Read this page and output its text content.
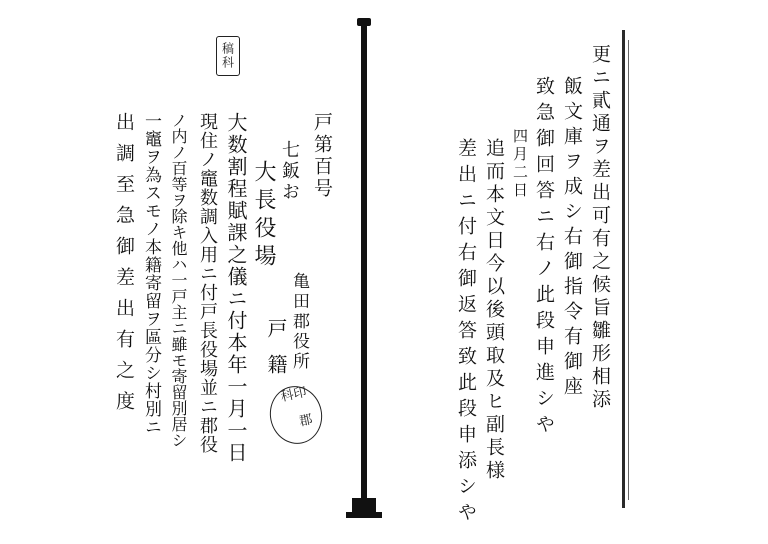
稿科
戸第百号
七鈑お
大長役場
亀田郡役所
戸籍
印 郡 科
大数割程賦課之儀ニ付本年一月一日
現住ノ竈数調入用ニ付戸長役場並ニ郡役
ノ内ノ百等ヲ除キ他ハ一戸主ニ雖モ寄留別居シ
一竈ヲ為スモノ本籍寄留ヲ區分シ村別ニ
出調至急御差出有之度	更ニ貳通ヲ差出可有之候旨雛形相添
飯文庫ヲ成シ右御指令有御座
致急御回答ニ右ノ此段申進シや
四月二日
追而本文日今以後頭取及ヒ副長様
差出ニ付右御返答致此段申添シや
